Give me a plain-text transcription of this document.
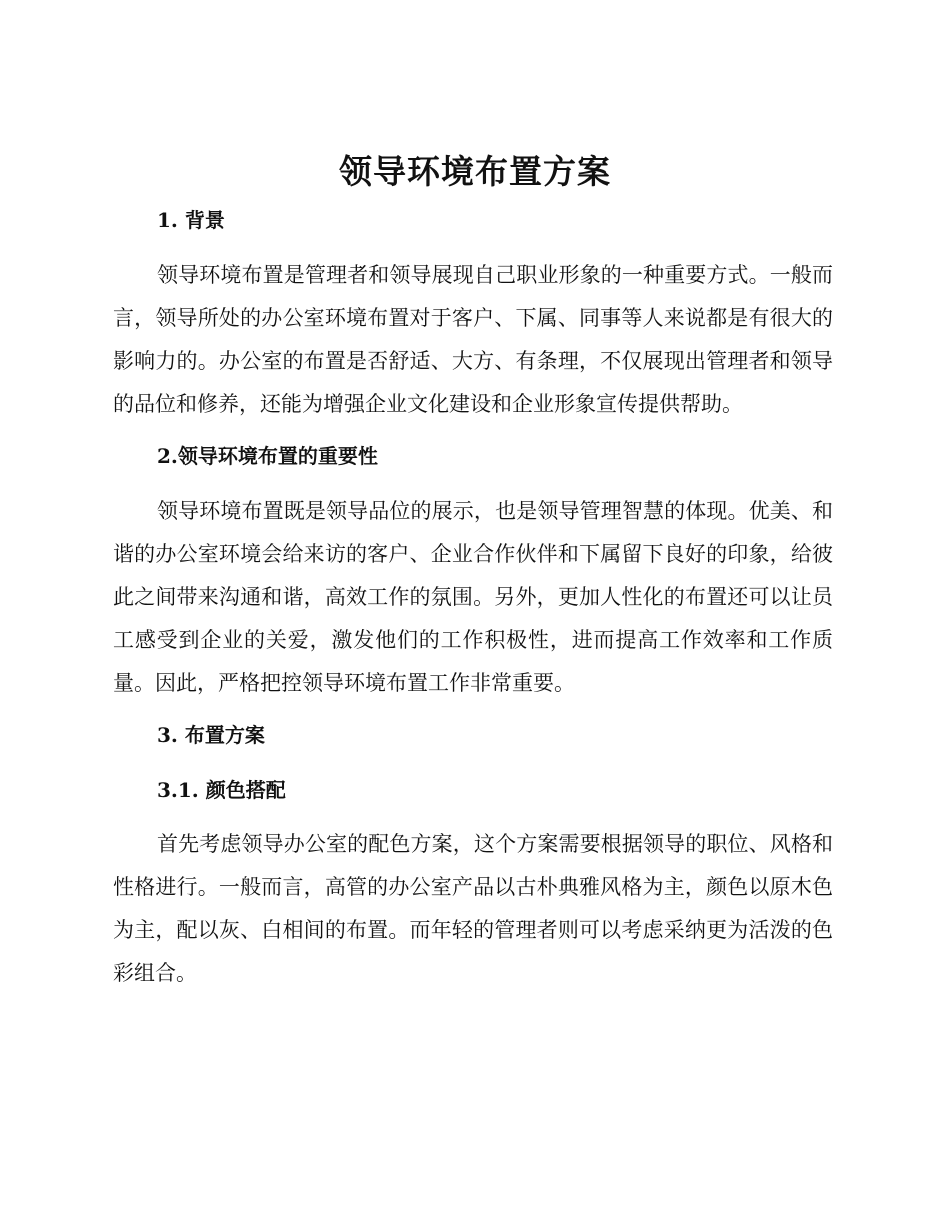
领导环境布置方案
1. 背景

领导环境布置是管理者和领导展现自己职业形象的一种重要方式。一般而言，领导所处的办公室环境布置对于客户、下属、同事等人来说都是有很大的影响力的。办公室的布置是否舒适、大方、有条理，不仅展现出管理者和领导的品位和修养，还能为增强企业文化建设和企业形象宣传提供帮助。

2.领导环境布置的重要性

领导环境布置既是领导品位的展示，也是领导管理智慧的体现。优美、和谐的办公室环境会给来访的客户、企业合作伙伴和下属留下良好的印象，给彼此之间带来沟通和谐，高效工作的氛围。另外，更加人性化的布置还可以让员工感受到企业的关爱，激发他们的工作积极性，进而提高工作效率和工作质量。因此，严格把控领导环境布置工作非常重要。

3. 布置方案
3.1. 颜色搭配

首先考虑领导办公室的配色方案，这个方案需要根据领导的职位、风格和性格进行。一般而言，高管的办公室产品以古朴典雅风格为主，颜色以原木色为主，配以灰、白相间的布置。而年轻的管理者则可以考虑采纳更为活泼的色彩组合。
